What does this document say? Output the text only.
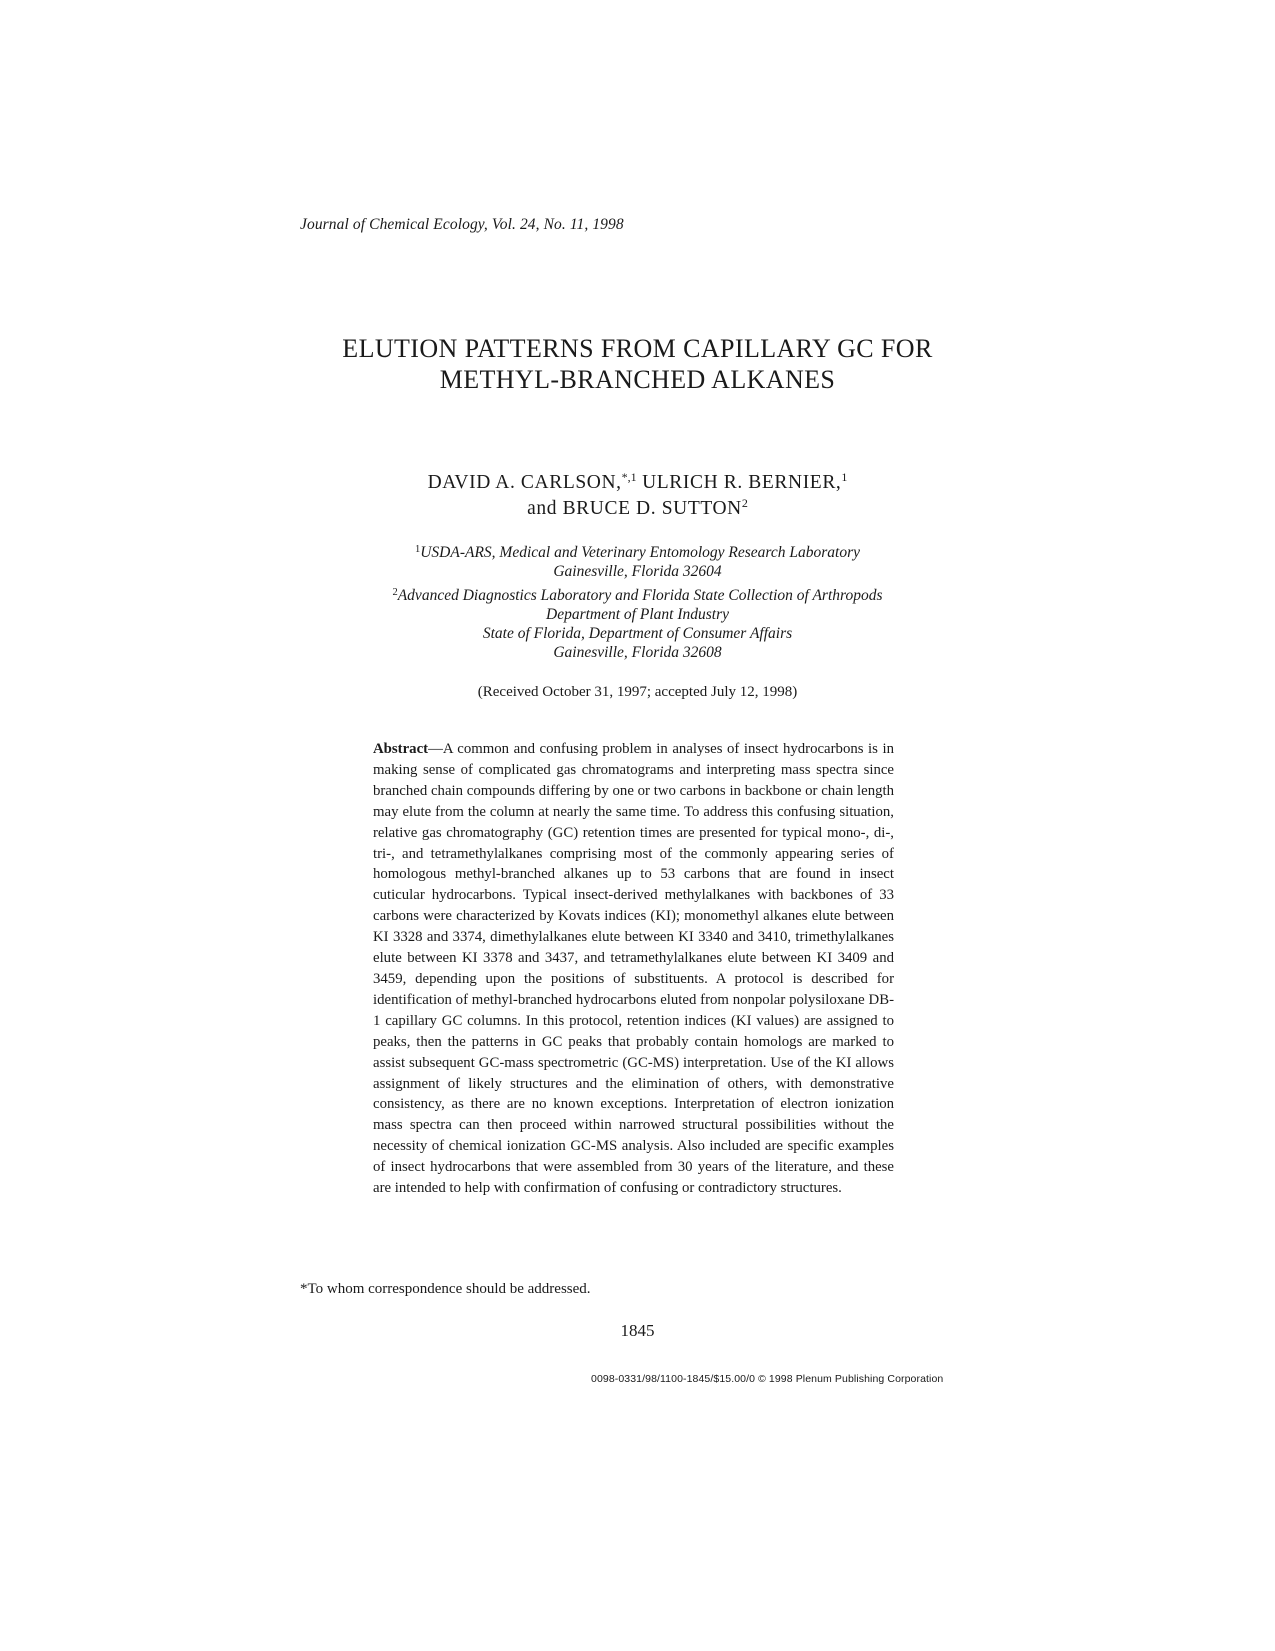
Journal of Chemical Ecology, Vol. 24, No. 11, 1998
ELUTION PATTERNS FROM CAPILLARY GC FOR
METHYL-BRANCHED ALKANES
DAVID A. CARLSON,$^{*,1}$ ULRICH R. BERNIER,$^1$
and BRUCE D. SUTTON$^2$
$^1$USDA-ARS, Medical and Veterinary Entomology Research Laboratory
Gainesville, Florida 32604
$^2$Advanced Diagnostics Laboratory and Florida State Collection of Arthropods
Department of Plant Industry
State of Florida, Department of Consumer Affairs
Gainesville, Florida 32608
(Received October 31, 1997; accepted July 12, 1998)
Abstract—A common and confusing problem in analyses of insect hydrocarbons is in making sense of complicated gas chromatograms and interpreting mass spectra since branched chain compounds differing by one or two carbons in backbone or chain length may elute from the column at nearly the same time. To address this confusing situation, relative gas chromatography (GC) retention times are presented for typical mono-, di-, tri-, and tetramethylalkanes comprising most of the commonly appearing series of homologous methyl-branched alkanes up to 53 carbons that are found in insect cuticular hydrocarbons. Typical insect-derived methylalkanes with backbones of 33 carbons were characterized by Kovats indices (KI); monomethyl alkanes elute between KI 3328 and 3374, dimethylalkanes elute between KI 3340 and 3410, trimethylalkanes elute between KI 3378 and 3437, and tetramethylalkanes elute between KI 3409 and 3459, depending upon the positions of substituents. A protocol is described for identification of methyl-branched hydrocarbons eluted from nonpolar polysiloxane DB-1 capillary GC columns. In this protocol, retention indices (KI values) are assigned to peaks, then the patterns in GC peaks that probably contain homologs are marked to assist subsequent GC-mass spectrometric (GC-MS) interpretation. Use of the KI allows assignment of likely structures and the elimination of others, with demonstrative consistency, as there are no known exceptions. Interpretation of electron ionization mass spectra can then proceed within narrowed structural possibilities without the necessity of chemical ionization GC-MS analysis. Also included are specific examples of insect hydrocarbons that were assembled from 30 years of the literature, and these are intended to help with confirmation of confusing or contradictory structures.
*To whom correspondence should be addressed.
1845
0098-0331/98/1100-1845/$15.00/0 © 1998 Plenum Publishing Corporation
